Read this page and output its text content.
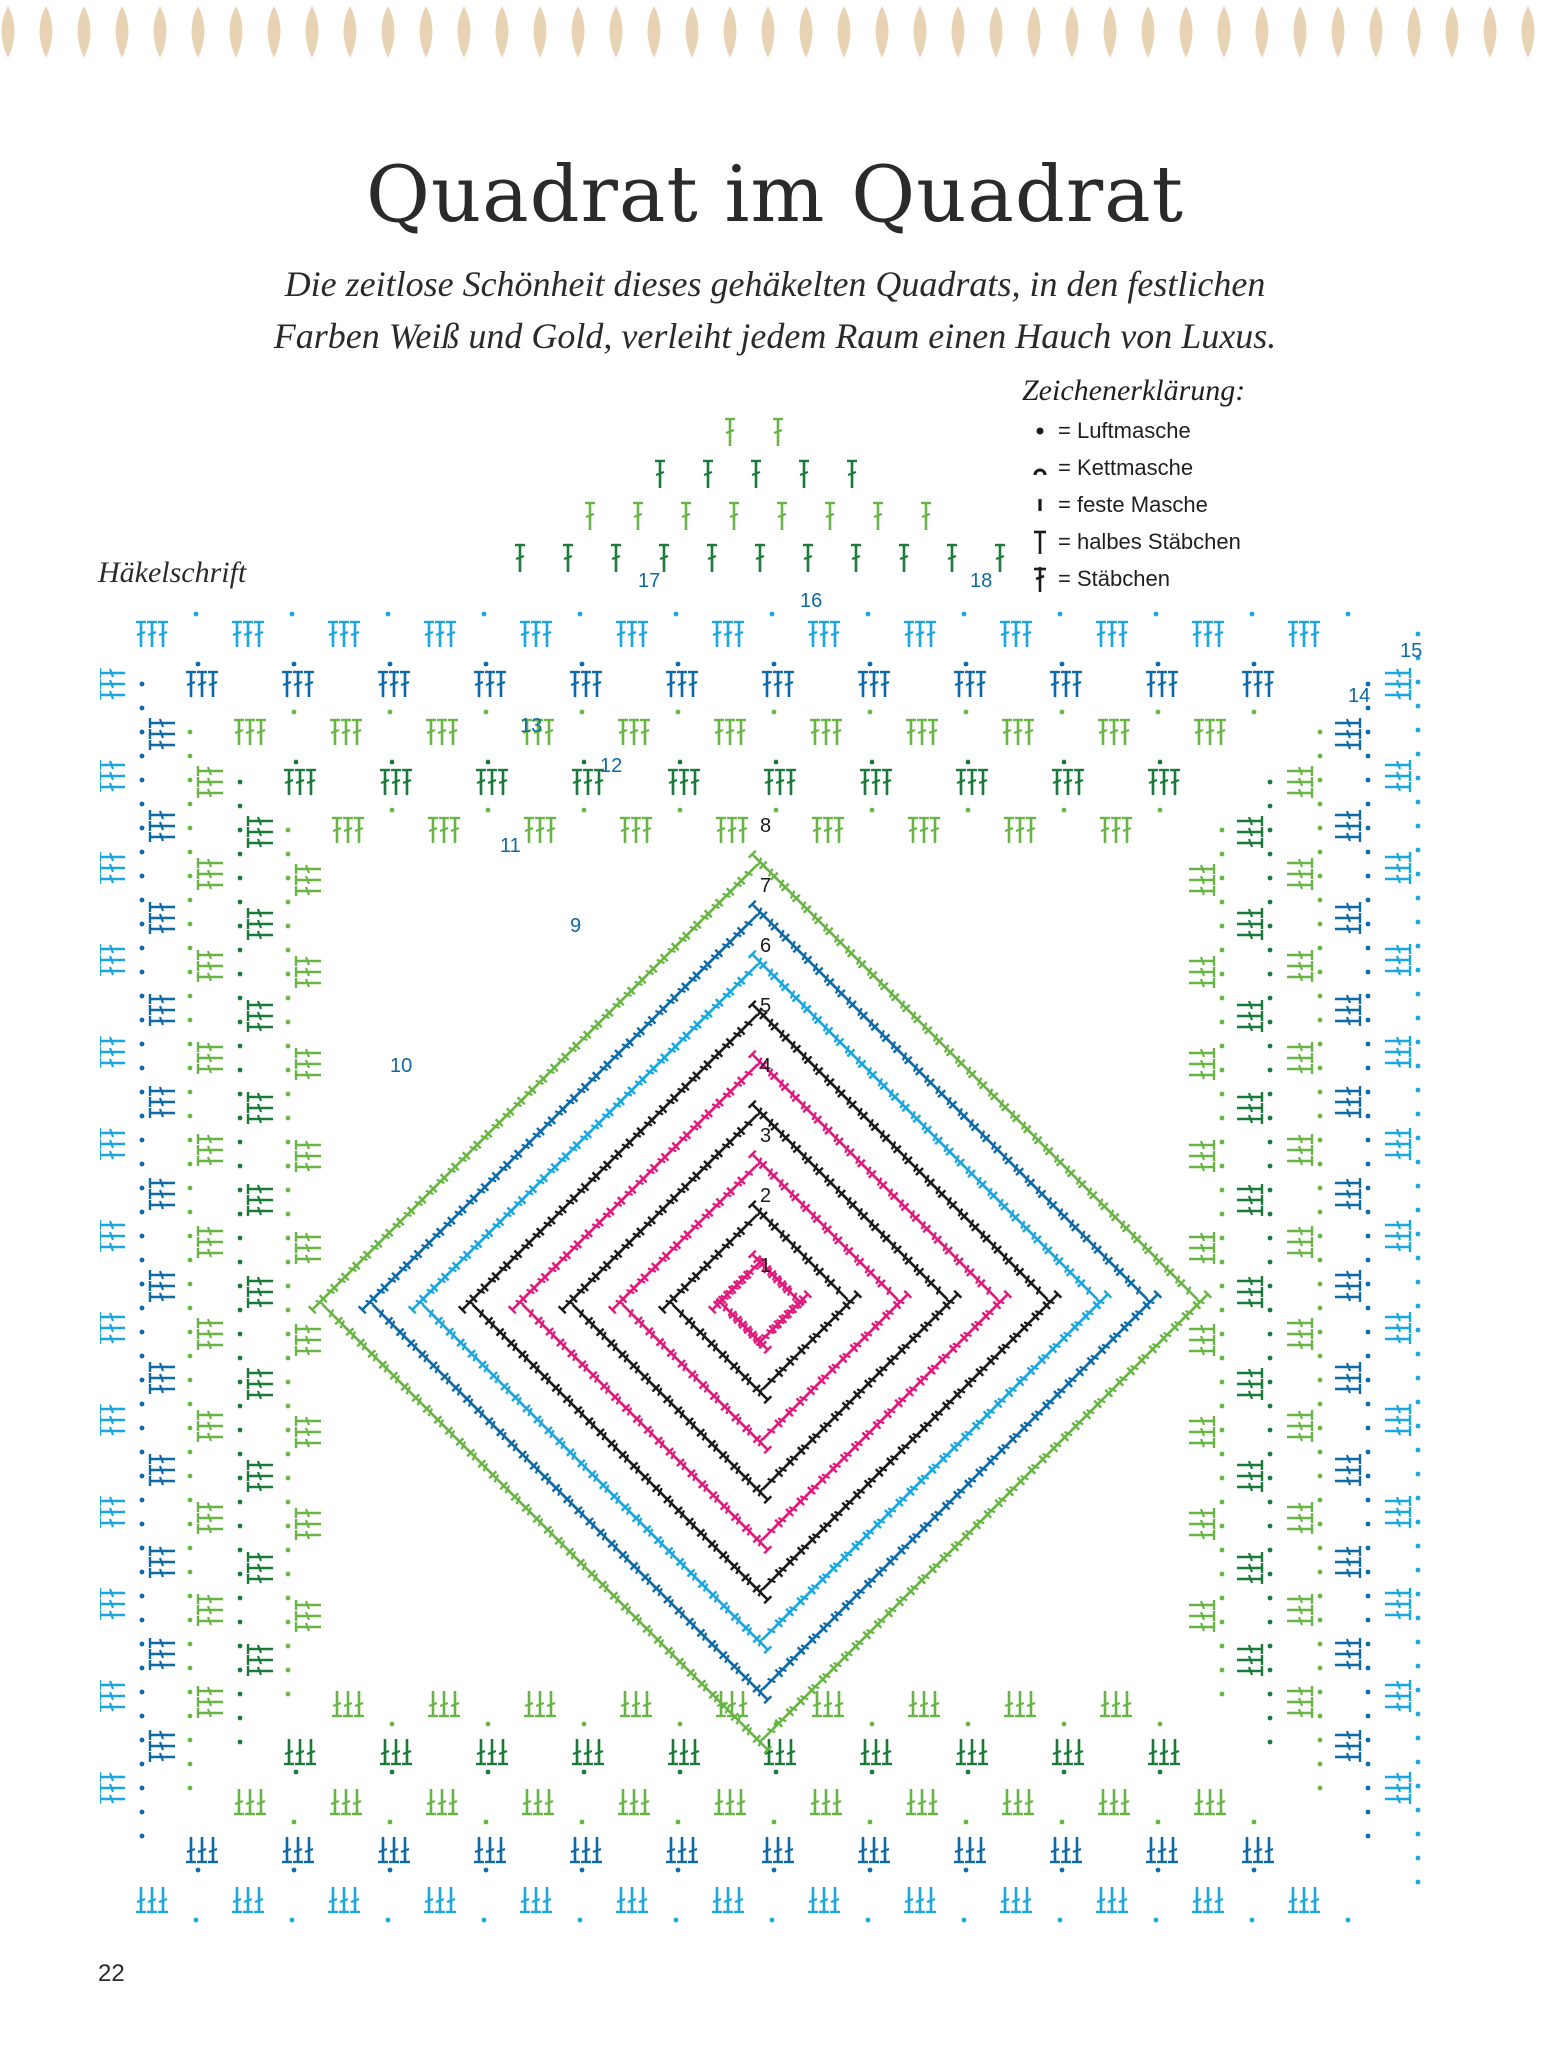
Quadrat im Quadrat
Die zeitlose Schönheit dieses gehäkelten Quadrats, in den festlichen
Farben Weiß und Gold, verleiht jedem Raum einen Hauch von Luxus.
Häkelschrift
Zeichenerklärung:
= Luftmasche
= Kettmasche
= feste Masche
= halbes Stäbchen
= Stäbchen
1
2
3
4
5
6
7
8
9
10
11
12
13
14
15
16
17	18
22
